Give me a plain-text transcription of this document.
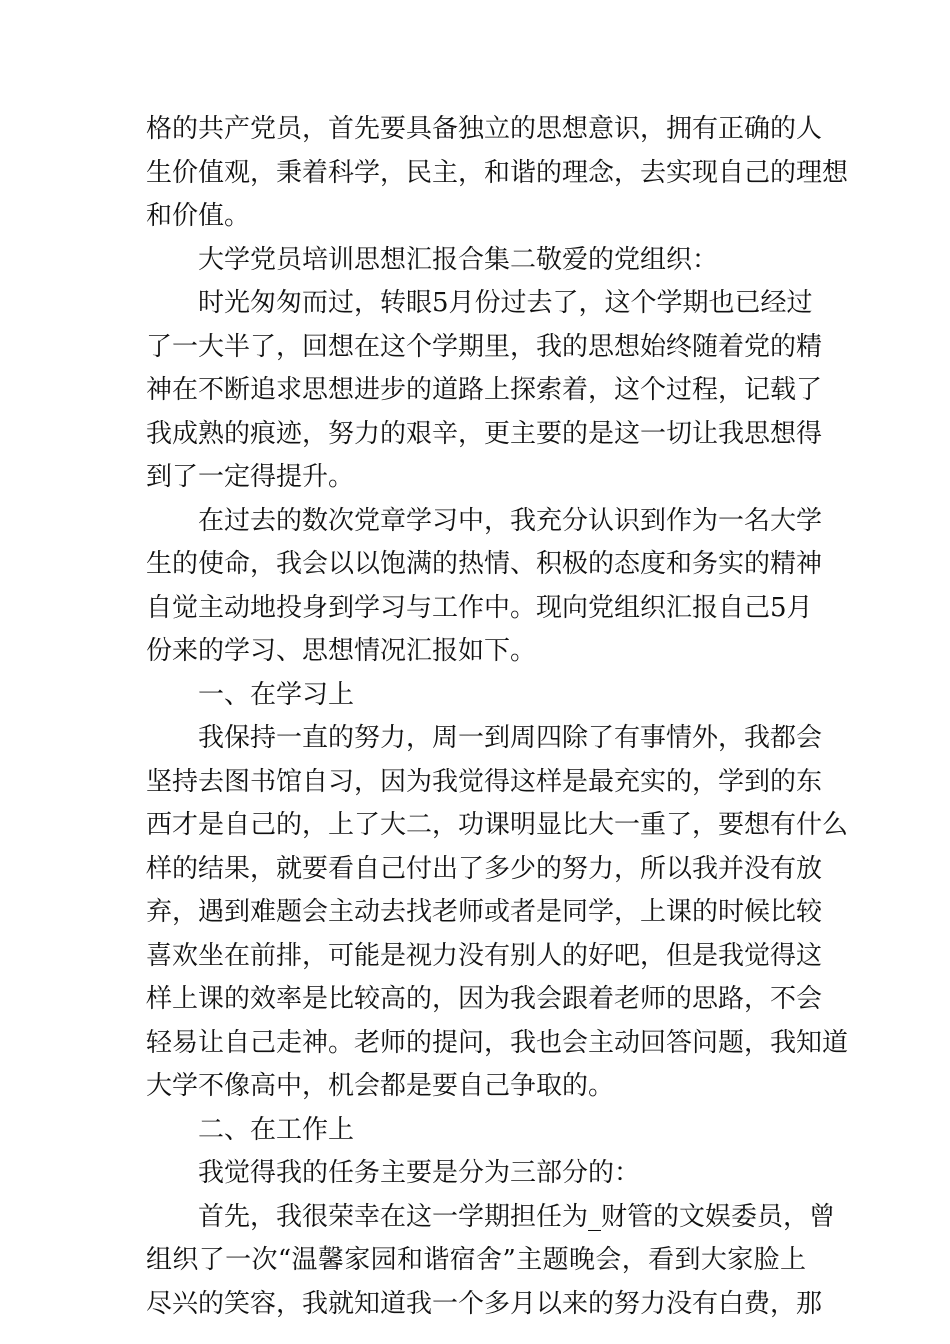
格的共产党员，首先要具备独立的思想意识，拥有正确的人
生价值观，秉着科学，民主，和谐的理念，去实现自己的理想
和价值。
大学党员培训思想汇报合集二敬爱的党组织：
时光匆匆而过，转眼5月份过去了，这个学期也已经过
了一大半了，回想在这个学期里，我的思想始终随着党的精
神在不断追求思想进步的道路上探索着，这个过程，记载了
我成熟的痕迹，努力的艰辛，更主要的是这一切让我思想得
到了一定得提升。
在过去的数次党章学习中，我充分认识到作为一名大学
生的使命，我会以以饱满的热情、积极的态度和务实的精神
自觉主动地投身到学习与工作中。现向党组织汇报自己5月
份来的学习、思想情况汇报如下。
一、在学习上
我保持一直的努力，周一到周四除了有事情外，我都会
坚持去图书馆自习，因为我觉得这样是最充实的，学到的东
西才是自己的，上了大二，功课明显比大一重了，要想有什么
样的结果，就要看自己付出了多少的努力，所以我并没有放
弃，遇到难题会主动去找老师或者是同学，上课的时候比较
喜欢坐在前排，可能是视力没有别人的好吧，但是我觉得这
样上课的效率是比较高的，因为我会跟着老师的思路，不会
轻易让自己走神。老师的提问，我也会主动回答问题，我知道
大学不像高中，机会都是要自己争取的。
二、在工作上
我觉得我的任务主要是分为三部分的：
首先，我很荣幸在这一学期担任为_财管的文娱委员，曾
组织了一次“温馨家园和谐宿舍”主题晚会，看到大家脸上
尽兴的笑容，我就知道我一个多月以来的努力没有白费，那
